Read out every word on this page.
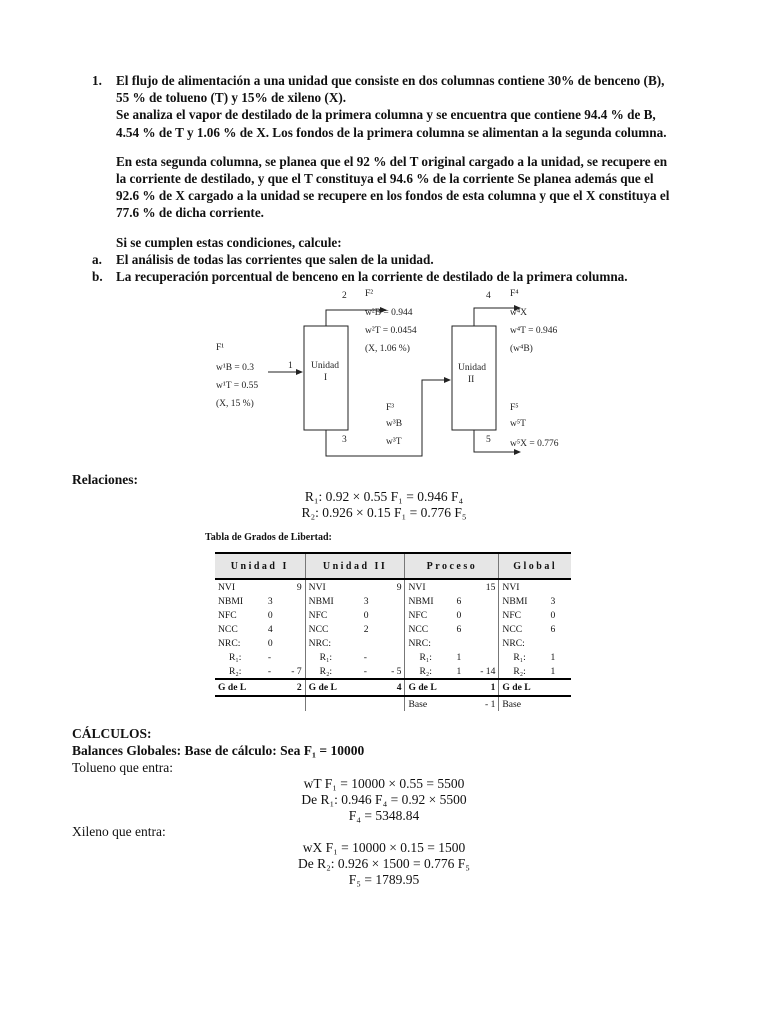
1. El flujo de alimentación a una unidad que consiste en dos columnas contiene 30% de benceno (B),
55 % de tolueno (T) y 15% de xileno (X).
Se analiza el vapor de destilado de la primera columna y se encuentra que contiene 94.4 % de B,
4.54 % de T y 1.06 % de X. Los fondos de la primera columna se alimentan a la segunda columna.
En esta segunda columna, se planea que el 92 % del T original cargado a la unidad, se recupere en
la corriente de destilado, y que el T constituya el 94.6 % de la corriente Se planea además que el
92.6 % de X cargado a la unidad se recupere en los fondos de esta columna y que el X constituya el
77.6 % de dicha corriente.
Si se cumplen estas condiciones, calcule:
a. El análisis de todas las corrientes que salen de la unidad.
b. La recuperación porcentual de benceno en la corriente de destilado de la primera columna.
Unidad
I
Unidad
II
1
F¹
w¹B = 0.3
w¹T = 0.55
(X, 15 %)
2 F²
w²B = 0.944
w²T = 0.0454
(X, 1.06 %)
3
F³
w³B
w³T
4 F⁴
w⁴X
w⁴T = 0.946
(w⁴B)
5
F⁵
w⁵T
w⁵X = 0.776
Relaciones:
R₁: 0.92 × 0.55 F₁ = 0.946 F₄
R₂: 0.926 × 0.15 F₁ = 0.776 F₅
Tabla de Grados de Libertad:
Unidad I			Unidad II			Proceso			Global		
NVI		9	NVI		9	NVI		15	NVI		
NBMI	3		NBMI	3		NBMI	6		NBMI	3	
NFC	0		NFC	0		NFC	0		NFC	0	
NCC	4		NCC	2		NCC	6		NCC	6	
NRC:	0		NRC:			NRC:			NRC:		
R₁:	-		R₁:	-		R₁:	1		R₁:	1	
R₂:	-	- 7	R₂:	-	- 5	R₂:	1	- 14	R₂:	1	
G de L	2		G de L	4		G de L	1		G de L		
						Base	- 1		Base		
CÁLCULOS:
Balances Globales: Base de cálculo: Sea F₁ = 10000
Tolueno que entra:
wT F₁ = 10000 × 0.55 = 5500
De R₁: 0.946 F₄ = 0.92 × 5500
F₄ = 5348.84
Xileno que entra:
wX F₁ = 10000 × 0.15 = 1500
De R₂: 0.926 × 1500 = 0.776 F₅
F₅ = 1789.95
